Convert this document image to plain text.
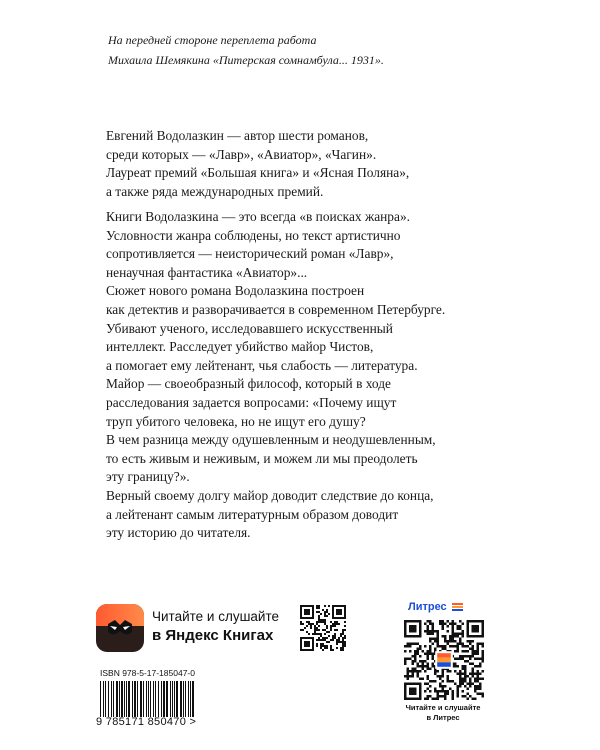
На передней стороне переплета работа
Михаила Шемякина «Питерская сомнамбула... 1931».
Евгений Водолазкин — автор шести романов,
среди которых — «Лавр», «Авиатор», «Чагин».
Лауреат премий «Большая книга» и «Ясная Поляна»,
а также ряда международных премий.
Книги Водолазкина — это всегда «в поисках жанра».
Условности жанра соблюдены, но текст артистично
сопротивляется — неисторический роман «Лавр»,
ненаучная фантастика «Авиатор»...
Сюжет нового романа Водолазкина построен
как детектив и разворачивается в современном Петербурге.
Убивают ученого, исследовавшего искусственный
интеллект. Расследует убийство майор Чистов,
а помогает ему лейтенант, чья слабость — литература.
Майор — своеобразный философ, который в ходе
расследования задается вопросами: «Почему ищут
труп убитого человека, но не ищут его душу?
В чем разница между одушевленным и неодушевленным,
то есть живым и неживым, и можем ли мы преодолеть
эту границу?».
Верный своему долгу майор доводит следствие до конца,
а лейтенант самым литературным образом доводит
эту историю до читателя.
Читайте и слушайте
в Яндекс Книгах
Литрес
Читайте и слушайте
в Литрес
ISBN 978-5-17-185047-0
9 785171 850470 >
